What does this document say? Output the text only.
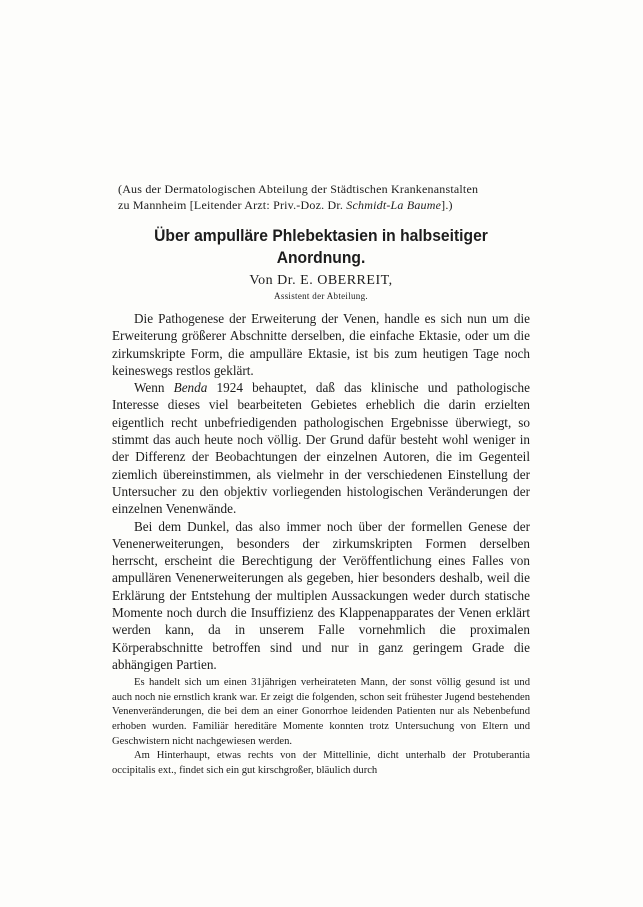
(Aus der Dermatologischen Abteilung der Städtischen Krankenanstalten
zu Mannheim [Leitender Arzt: Priv.-Doz. Dr. Schmidt-La Baume].)
Über ampulläre Phlebektasien in halbseitiger Anordnung.
Von Dr. E. OBERREIT,
Assistent der Abteilung.

Die Pathogenese der Erweiterung der Venen, handle es sich nun um die Erweiterung größerer Abschnitte derselben, die einfache Ektasie, oder um die zirkumskripte Form, die ampulläre Ektasie, ist bis zum heutigen Tage noch keineswegs restlos geklärt.

Wenn Benda 1924 behauptet, daß das klinische und pathologische Interesse dieses viel bearbeiteten Gebietes erheblich die darin erzielten eigentlich recht unbefriedigenden pathologischen Ergebnisse überwiegt, so stimmt das auch heute noch völlig. Der Grund dafür besteht wohl weniger in der Differenz der Beobachtungen der einzelnen Autoren, die im Gegenteil ziemlich übereinstimmen, als vielmehr in der verschiedenen Einstellung der Untersucher zu den objektiv vorliegenden histologischen Veränderungen der einzelnen Venenwände.

Bei dem Dunkel, das also immer noch über der formellen Genese der Venenerweiterungen, besonders der zirkumskripten Formen derselben herrscht, erscheint die Berechtigung der Veröffentlichung eines Falles von ampullären Venenerweiterungen als gegeben, hier besonders deshalb, weil die Erklärung der Entstehung der multiplen Aussackungen weder durch statische Momente noch durch die Insuffizienz des Klappenapparates der Venen erklärt werden kann, da in unserem Falle vornehmlich die proximalen Körperabschnitte betroffen sind und nur in ganz geringem Grade die abhängigen Partien.

Es handelt sich um einen 31jährigen verheirateten Mann, der sonst völlig gesund ist und auch noch nie ernstlich krank war. Er zeigt die folgenden, schon seit frühester Jugend bestehenden Venenveränderungen, die bei dem an einer Gonorrhoe leidenden Patienten nur als Nebenbefund erhoben wurden. Familiär hereditäre Momente konnten trotz Untersuchung von Eltern und Geschwistern nicht nachgewiesen werden.

Am Hinterhaupt, etwas rechts von der Mittellinie, dicht unterhalb der Protuberantia occipitalis ext., findet sich ein gut kirschgroßer, bläulich durch
